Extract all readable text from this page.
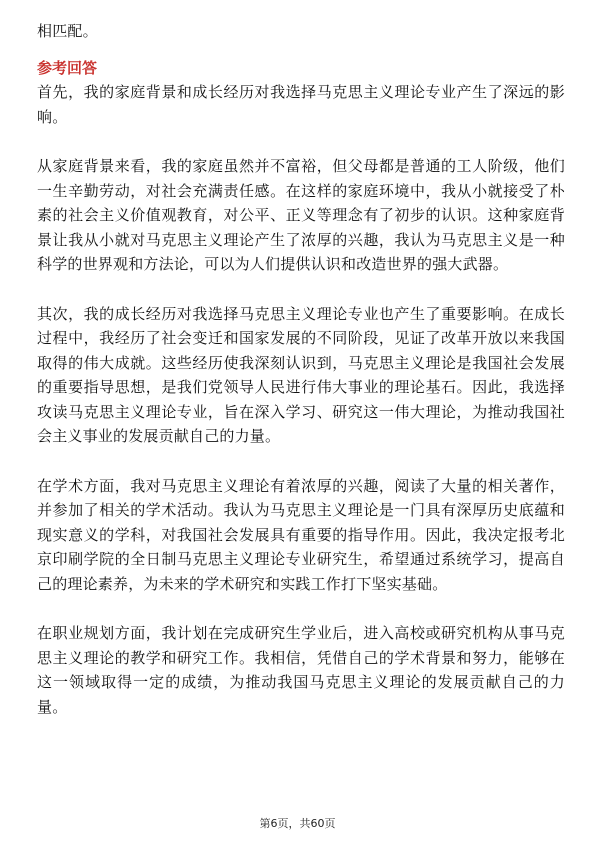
相匹配。

参考回答

首先，我的家庭背景和成长经历对我选择马克思主义理论专业产生了深远的影响。

从家庭背景来看，我的家庭虽然并不富裕，但父母都是普通的工人阶级，他们一生辛勤劳动，对社会充满责任感。在这样的家庭环境中，我从小就接受了朴素的社会主义价值观教育，对公平、正义等理念有了初步的认识。这种家庭背景让我从小就对马克思主义理论产生了浓厚的兴趣，我认为马克思主义是一种科学的世界观和方法论，可以为人们提供认识和改造世界的强大武器。

其次，我的成长经历对我选择马克思主义理论专业也产生了重要影响。在成长过程中，我经历了社会变迁和国家发展的不同阶段，见证了改革开放以来我国取得的伟大成就。这些经历使我深刻认识到，马克思主义理论是我国社会发展的重要指导思想，是我们党领导人民进行伟大事业的理论基石。因此，我选择攻读马克思主义理论专业，旨在深入学习、研究这一伟大理论，为推动我国社会主义事业的发展贡献自己的力量。

在学术方面，我对马克思主义理论有着浓厚的兴趣，阅读了大量的相关著作，并参加了相关的学术活动。我认为马克思主义理论是一门具有深厚历史底蕴和现实意义的学科，对我国社会发展具有重要的指导作用。因此，我决定报考北京印刷学院的全日制马克思主义理论专业研究生，希望通过系统学习，提高自己的理论素养，为未来的学术研究和实践工作打下坚实基础。

在职业规划方面，我计划在完成研究生学业后，进入高校或研究机构从事马克思主义理论的教学和研究工作。我相信，凭借自己的学术背景和努力，能够在这一领域取得一定的成绩，为推动我国马克思主义理论的发展贡献自己的力量。

第6页，共60页
